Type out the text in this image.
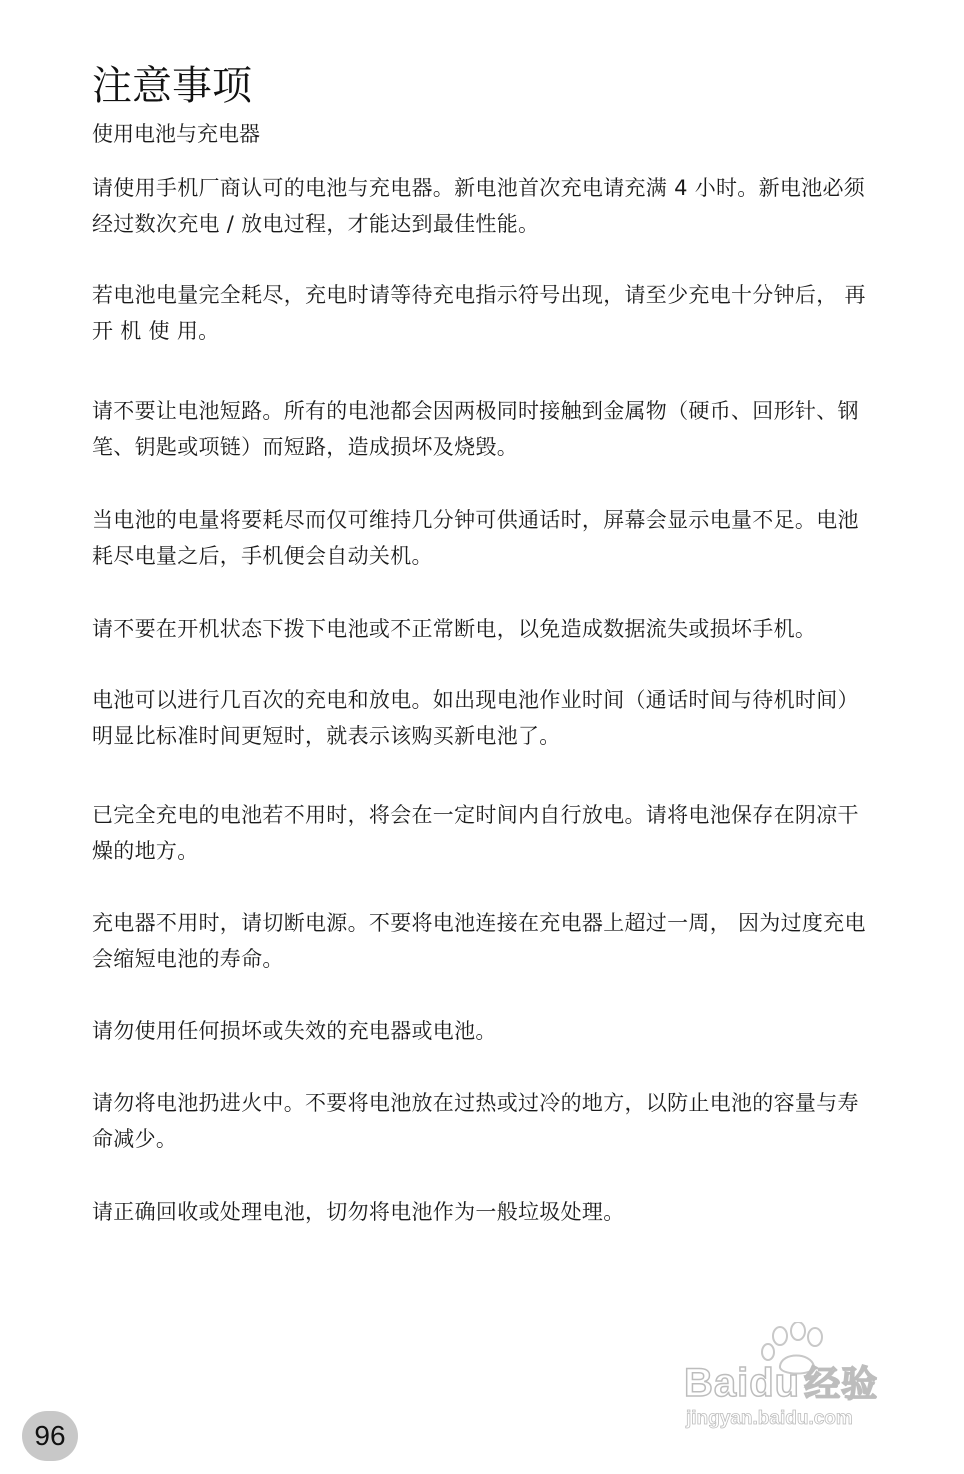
注意事项
使用电池与充电器

请使用手机厂商认可的电池与充电器。新电池首次充电请充满 4 小时。新电池必须经过数次充电 / 放电过程，才能达到最佳性能。

若电池电量完全耗尽，充电时请等待充电指示符号出现，请至少充电十分钟后， 再 开 机 使 用。

请不要让电池短路。所有的电池都会因两极同时接触到金属物（硬币、回形针、钢笔、钥匙或项链）而短路，造成损坏及烧毁。

当电池的电量将要耗尽而仅可维持几分钟可供通话时，屏幕会显示电量不足。电池耗尽电量之后，手机便会自动关机。

请不要在开机状态下拨下电池或不正常断电，以免造成数据流失或损坏手机。

电池可以进行几百次的充电和放电。如出现电池作业时间（通话时间与待机时间）明显比标准时间更短时，就表示该购买新电池了。

已完全充电的电池若不用时，将会在一定时间内自行放电。请将电池保存在阴凉干燥的地方。

充电器不用时，请切断电源。不要将电池连接在充电器上超过一周， 因为过度充电会缩短电池的寿命。

请勿使用任何损坏或失效的充电器或电池。

请勿将电池扔进火中。不要将电池放在过热或过冷的地方，以防止电池的容量与寿命减少。

请正确回收或处理电池，切勿将电池作为一般垃圾处理。

Baidu 经验
jingyan.baidu.com
96
